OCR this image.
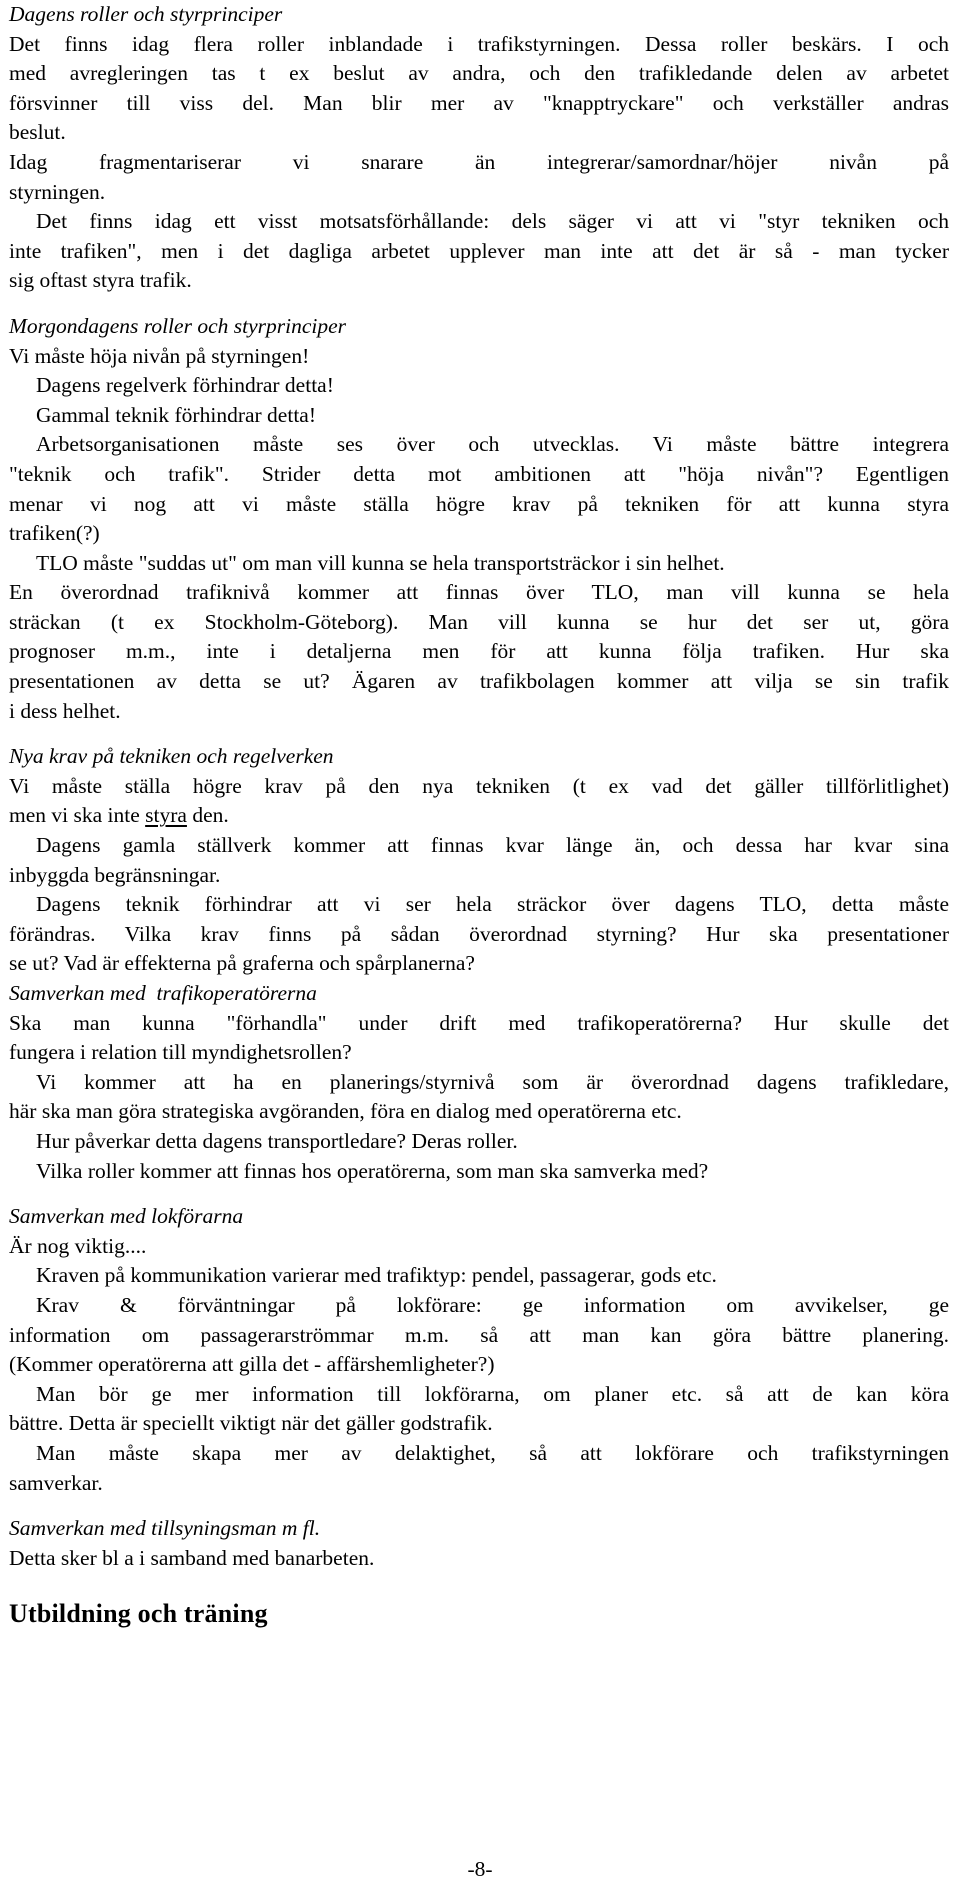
Dagens roller och styrprinciper
Det finns idag flera roller inblandade i trafikstyrningen. Dessa roller beskärs. I och
med avregleringen tas t ex beslut av andra, och den trafikledande delen av arbetet
försvinner till viss del. Man blir mer av "knapptryckare" och verkställer andras
beslut.
Idag fragmentariserar vi snarare än integrerar/samordnar/höjer nivån på
styrningen.
Det finns idag ett visst motsatsförhållande: dels säger vi att vi "styr tekniken och
inte trafiken", men i det dagliga arbetet upplever man inte att det är så - man tycker
sig oftast styra trafik.
Morgondagens roller och styrprinciper
Vi måste höja nivån på styrningen!
Dagens regelverk förhindrar detta!
Gammal teknik förhindrar detta!
Arbetsorganisationen måste ses över och utvecklas. Vi måste bättre integrera
"teknik och trafik". Strider detta mot ambitionen att "höja nivån"? Egentligen
menar vi nog att vi måste ställa högre krav på tekniken för att kunna styra
trafiken(?)
TLO måste "suddas ut" om man vill kunna se hela transportsträckor i sin helhet.
En överordnad trafiknivå kommer att finnas över TLO, man vill kunna se hela
sträckan (t ex Stockholm-Göteborg). Man vill kunna se hur det ser ut, göra
prognoser m.m., inte i detaljerna men för att kunna följa trafiken. Hur ska
presentationen av detta se ut? Ägaren av trafikbolagen kommer att vilja se sin trafik
i dess helhet.
Nya krav på tekniken och regelverken
Vi måste ställa högre krav på den nya tekniken (t ex vad det gäller tillförlitlighet)
men vi ska inte styra den.
Dagens gamla ställverk kommer att finnas kvar länge än, och dessa har kvar sina
inbyggda begränsningar.
Dagens teknik förhindrar att vi ser hela sträckor över dagens TLO, detta måste
förändras. Vilka krav finns på sådan överordnad styrning? Hur ska presentationer
se ut? Vad är effekterna på graferna och spårplanerna?
Samverkan med  trafikoperatörerna
Ska man kunna "förhandla" under drift med trafikoperatörerna? Hur skulle det
fungera i relation till myndighetsrollen?
Vi kommer att ha en planerings/styrnivå som är överordnad dagens trafikledare,
här ska man göra strategiska avgöranden, föra en dialog med operatörerna etc.
Hur påverkar detta dagens transportledare? Deras roller.
Vilka roller kommer att finnas hos operatörerna, som man ska samverka med?
Samverkan med lokförarna
Är nog viktig....
Kraven på kommunikation varierar med trafiktyp: pendel, passagerar, gods etc.
Krav & förväntningar på lokförare: ge information om avvikelser, ge
information om passagerarströmmar m.m. så att man kan göra bättre planering.
(Kommer operatörerna att gilla det - affärshemligheter?)
Man bör ge mer information till lokförarna, om planer etc. så att de kan köra
bättre. Detta är speciellt viktigt när det gäller godstrafik.
Man måste skapa mer av delaktighet, så att lokförare och trafikstyrningen
samverkar.
Samverkan med tillsyningsman m fl.
Detta sker bl a i samband med banarbeten.
Utbildning och träning
-8-
